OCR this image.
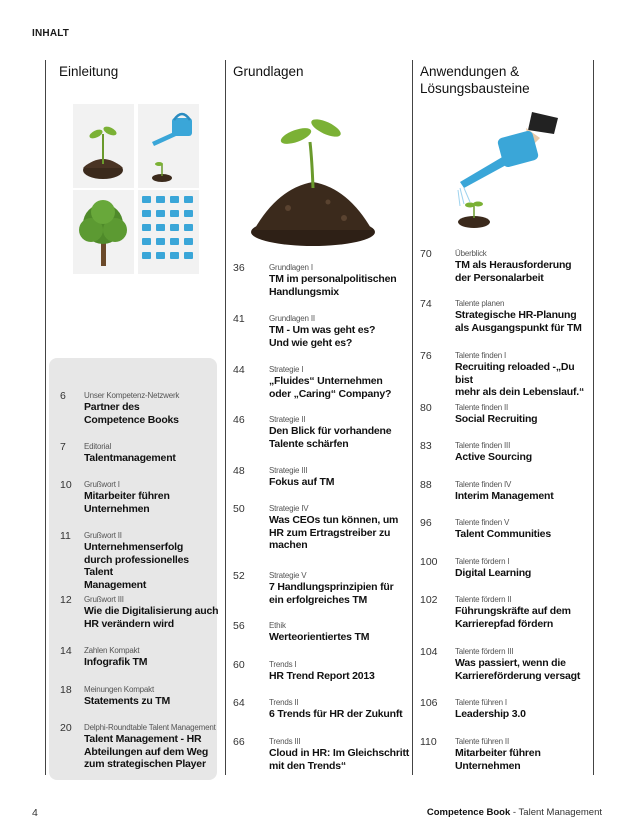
INHALT
Einleitung	Grundlagen	Anwendungen &
Lösungsbausteine
6 Unser Kompetenz-Netzwerk
Partner des
Competence Books
7 Editorial
Talentmanagement
10 Grußwort I
Mitarbeiter führen
Unternehmen
11 Grußwort II
Unternehmenserfolg
durch professionelles Talent
Management
12 Grußwort III
Wie die Digitalisierung auch
HR verändern wird
14 Zahlen Kompakt
Infografik TM
18 Meinungen Kompakt
Statements zu TM
20 Delphi-Roundtable Talent Management
Talent Management - HR
Abteilungen auf dem Weg
zum strategischen Player
36	Grundlagen I
TM im personalpolitischen
Handlungsmix
41	Grundlagen II
TM - Um was geht es?
Und wie geht es?
44	Strategie I
„Fluides“ Unternehmen
oder „Caring“ Company?
46	Strategie II
Den Blick für vorhandene
Talente schärfen
48	Strategie III
Fokus auf TM
50	Strategie IV
Was CEOs tun können, um
HR zum Ertragstreiber zu
machen
52	Strategie V
7 Handlungsprinzipien für
ein erfolgreiches TM
56	Ethik
Werteorientiertes TM
60	Trends I
HR Trend Report 2013
64	Trends II
6 Trends für HR der Zukunft
66	Trends III
Cloud in HR: Im Gleichschritt
mit den Trends“
70	Überblick
TM als Herausforderung
der Personalarbeit
74	Talente planen
Strategische HR-Planung
als Ausgangspunkt für TM
76	Talente finden I
Recruiting reloaded -„Du bist
mehr als dein Lebenslauf.“
80	Talente finden II
Social Recruiting
83	Talente finden III
Active Sourcing
88	Talente finden IV
Interim Management
96	Talente finden V
Talent Communities
100 Talente fördern I
Digital Learning
102 Talente fördern II
Führungskräfte auf dem
Karrierepfad fördern
104 Talente fördern III
Was passiert, wenn die
Karriereförderung versagt
106 Talente führen I
Leadership 3.0
110 Talente führen II
Mitarbeiter führen
Unternehmen
4	Competence Book - Talent Management
